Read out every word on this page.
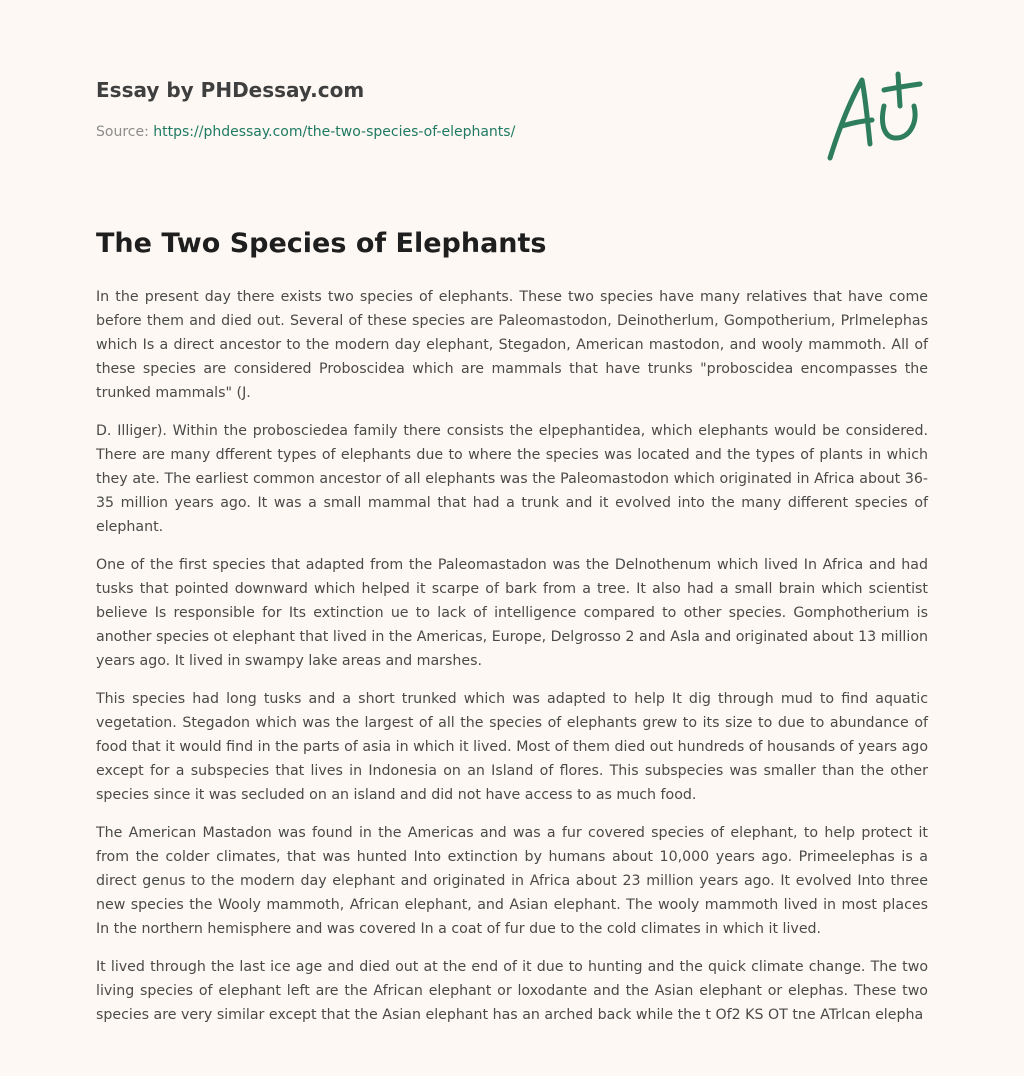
Essay by PHDessay.com
Source: https://phdessay.com/the-two-species-of-elephants/
The Two Species of Elephants

In the present day there exists two species of elephants. These two species have many relatives that have come before them and died out. Several of these species are Paleomastodon, Deinotherlum, Gompotherium, Prlmelephas which Is a direct ancestor to the modern day elephant, Stegadon, American mastodon, and wooly mammoth. All of these species are considered Proboscidea which are mammals that have trunks "proboscidea encompasses the trunked mammals" (J.

D. Illiger). Within the probosciedea family there consists the elpephantidea, which elephants would be considered. There are many dfferent types of elephants due to where the species was located and the types of plants in which they ate. The earliest common ancestor of all elephants was the Paleomastodon which originated in Africa about 36-35 million years ago. It was a small mammal that had a trunk and it evolved into the many different species of elephant.

One of the first species that adapted from the Paleomastadon was the Delnothenum which lived In Africa and had tusks that pointed downward which helped it scarpe of bark from a tree. It also had a small brain which scientist believe Is responsible for Its extinction ue to lack of intelligence compared to other species. Gomphotherium is another species ot elephant that lived in the Americas, Europe, Delgrosso 2 and Asla and originated about 13 million years ago. It lived in swampy lake areas and marshes.

This species had long tusks and a short trunked which was adapted to help It dig through mud to find aquatic vegetation. Stegadon which was the largest of all the species of elephants grew to its size to due to abundance of food that it would find in the parts of asia in which it lived. Most of them died out hundreds of housands of years ago except for a subspecies that lives in Indonesia on an Island of flores. This subspecies was smaller than the other species since it was secluded on an island and did not have access to as much food.

The American Mastadon was found in the Americas and was a fur covered species of elephant, to help protect it from the colder climates, that was hunted Into extinction by humans about 10,000 years ago. Primeelephas is a direct genus to the modern day elephant and originated in Africa about 23 million years ago. It evolved Into three new species the Wooly mammoth, African elephant, and Asian elephant. The wooly mammoth lived in most places In the northern hemisphere and was covered In a coat of fur due to the cold climates in which it lived.

It lived through the last ice age and died out at the end of it due to hunting and the quick climate change. The two living species of elephant left are the African elephant or loxodante and the Asian elephant or elephas. These two species are very similar except that the Asian elephant has an arched back while the t Of2 KS OT tne ATrlcan elepha
